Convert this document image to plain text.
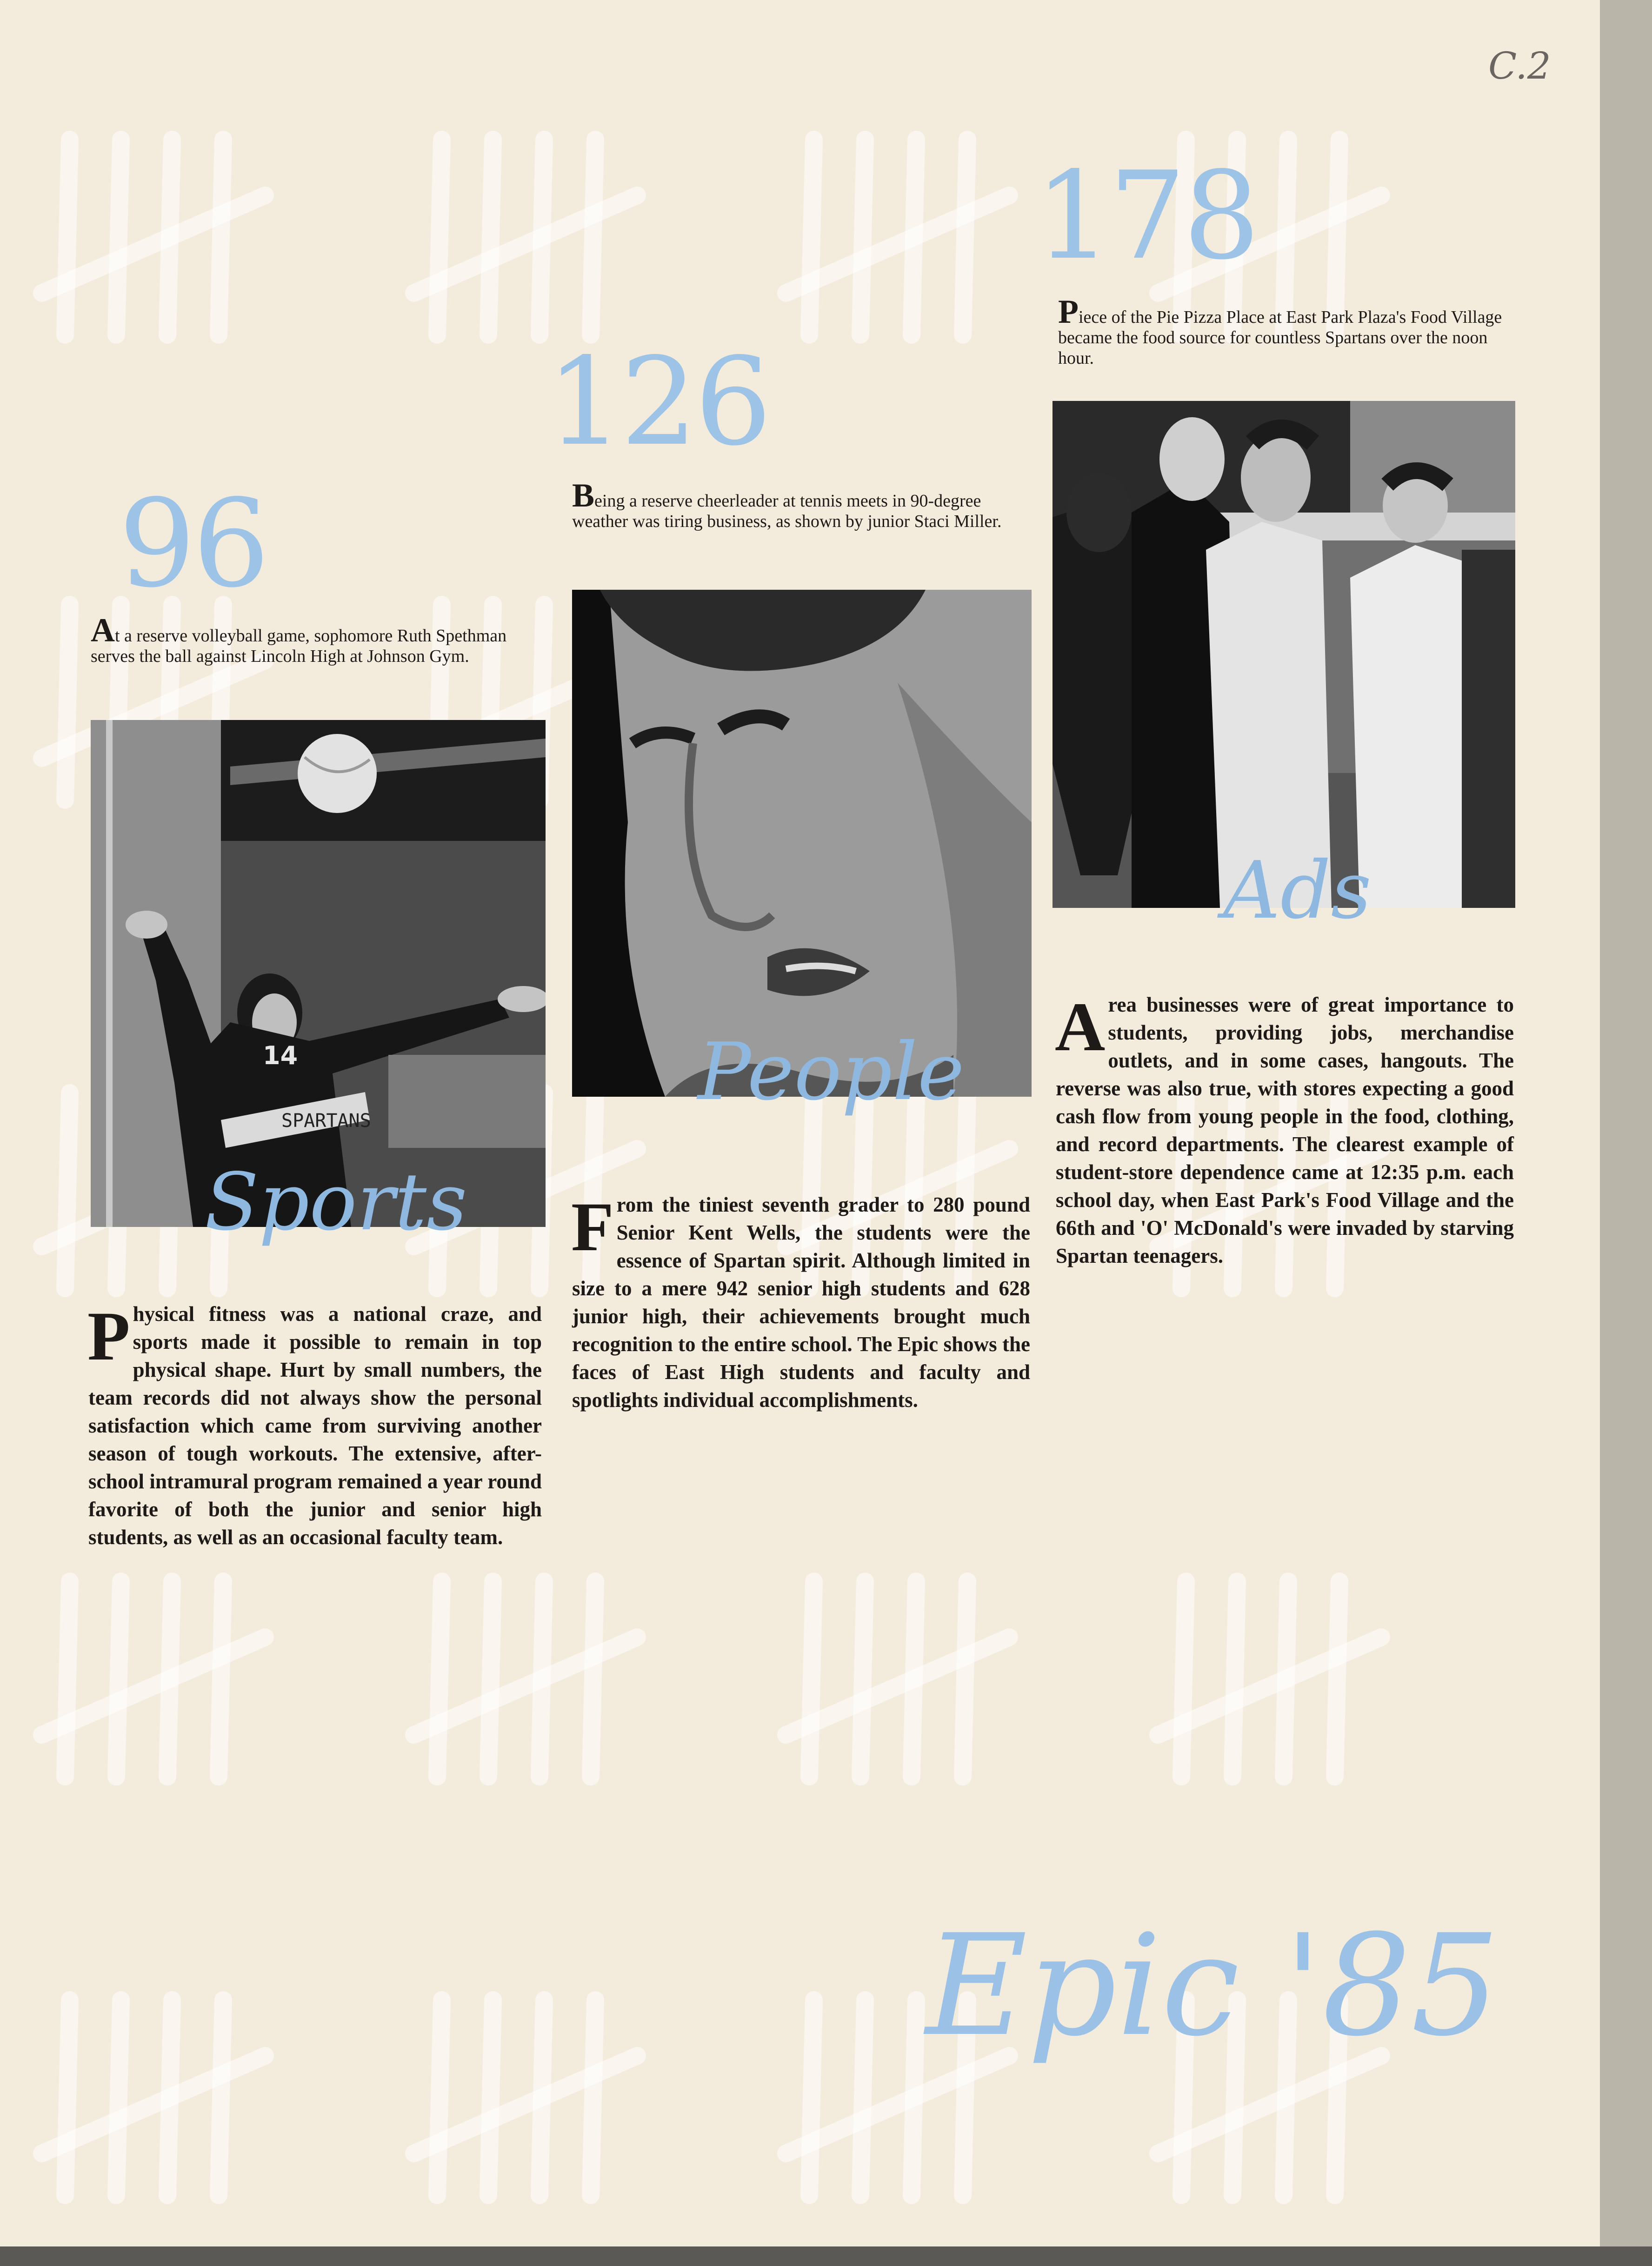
C.2
96
At a reserve volleyball game, sophomore Ruth Spethman serves the ball against Lincoln High at Johnson Gym.
SPARTANS
14
Sports
Physical fitness was a national craze, and sports made it possible to remain in top physical shape. Hurt by small numbers, the team records did not always show the personal satisfaction which came from surviving another season of tough workouts. The extensive, after-school intramural program remained a year round favorite of both the junior and senior high students, as well as an occasional faculty team.
126
Being a reserve cheerleader at tennis meets in 90-degree weather was tiring business, as shown by junior Staci Miller.
People
From the tiniest seventh grader to 280 pound Senior Kent Wells, the students were the essence of Spartan spirit. Although limited in size to a mere 942 senior high students and 628 junior high, their achievements brought much recognition to the entire school. The Epic shows the faces of East High students and faculty and spotlights individual accomplishments.
178
Piece of the Pie Pizza Place at East Park Plaza's Food Village became the food source for countless Spartans over the noon hour.
Ads
Area businesses were of great importance to students, providing jobs, merchandise outlets, and in some cases, hangouts. The reverse was also true, with stores expecting a good cash flow from young people in the food, clothing, and record departments. The clearest example of student-store dependence came at 12:35 p.m. each school day, when East Park's Food Village and the 66th and 'O' McDonald's were invaded by starving Spartan teenagers.
Epic '85
